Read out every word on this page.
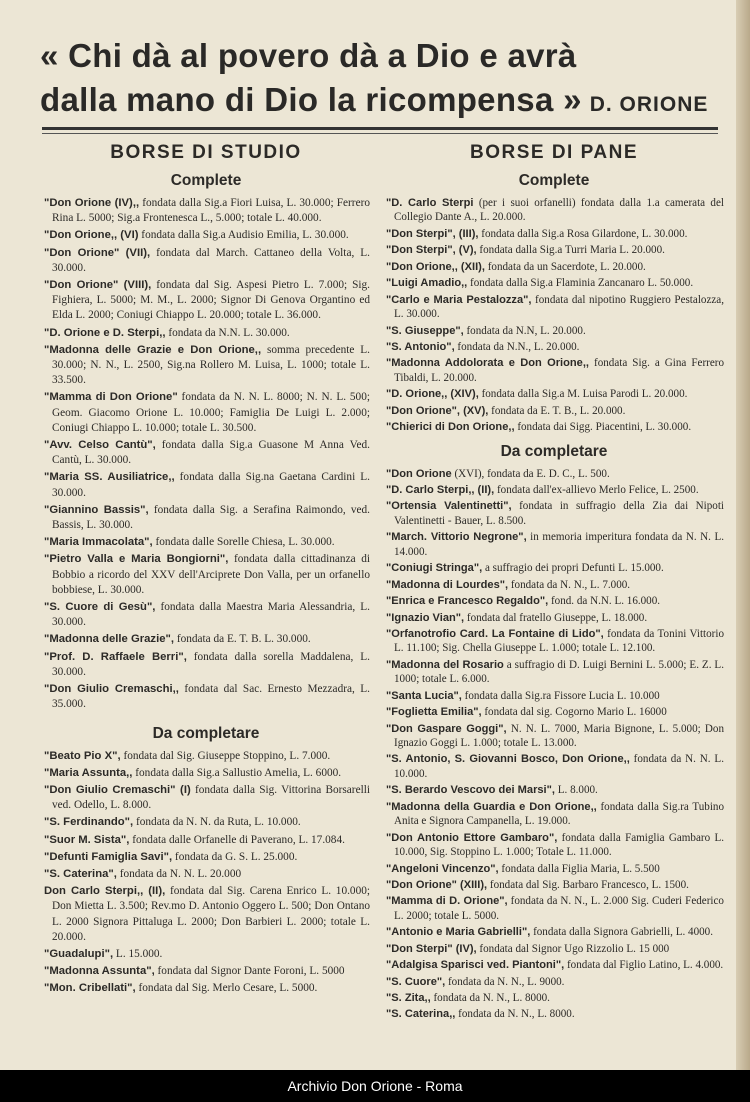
« Chi dà al povero dà a Dio e avrà
dalla mano di Dio la ricompensa » D. ORIONE
BORSE DI STUDIO
Complete
"Don Orione (IV),, fondata dalla Sig.a Fiori Luisa, L. 30.000; Ferrero Rina L. 5000; Sig.a Frontenesca L., 5.000; totale L. 40.000.
"Don Orione,, (VI) fondata dalla Sig.a Audisio Emilia, L. 30.000.
"Don Orione" (VII), fondata dal March. Cattaneo della Volta, L. 30.000.
"Don Orione" (VIII), fondata dal Sig. Aspesi Pietro L. 7.000; Sig. Fighiera, L. 5000; M. M., L. 2000; Signor Di Genova Organtino ed Elda L. 2000; Coniugi Chiappo L. 20.000; totale L. 36.000.
"D. Orione e D. Sterpi,, fondata da N.N. L. 30.000.
"Madonna delle Grazie e Don Orione,, somma precedente L. 30.000; N. N., L. 2500, Sig.na Rollero M. Luisa, L. 1000; totale L. 33.500.
"Mamma di Don Orione" fondata da N. N. L. 8000; N. N. L. 500; Geom. Giacomo Orione L. 10.000; Famiglia De Luigi L. 2.000; Coniugi Chiappo L. 10.000; totale L. 30.500.
"Avv. Celso Cantù", fondata dalla Sig.a Guasone M Anna Ved. Cantù, L. 30.000.
"Maria SS. Ausiliatrice,, fondata dalla Sig.na Gaetana Cardini L. 30.000.
"Giannino Bassis", fondata dalla Sig. a Serafina Raimondo, ved. Bassis, L. 30.000.
"Maria Immacolata", fondata dalle Sorelle Chiesa, L. 30.000.
"Pietro Valla e Maria Bongiorni", fondata dalla cittadinanza di Bobbio a ricordo del XXV dell'Arciprete Don Valla, per un orfanello bobbiese, L. 30.000.
"S. Cuore di Gesù", fondata dalla Maestra Maria Alessandria, L. 30.000.
"Madonna delle Grazie", fondata da E. T. B. L. 30.000.
"Prof. D. Raffaele Berri", fondata dalla sorella Maddalena, L. 30.000.
"Don Giulio Cremaschi,, fondata dal Sac. Ernesto Mezzadra, L. 35.000.
Da completare
"Beato Pio X", fondata dal Sig. Giuseppe Stoppino, L. 7.000.
"Maria Assunta,, fondata dalla Sig.a Sallustio Amelia, L. 6000.
"Don Giulio Cremaschi" (I) fondata dalla Sig. Vittorina Borsarelli ved. Odello, L. 8.000.
"S. Ferdinando", fondata da N. N. da Ruta, L. 10.000.
"Suor M. Sista", fondata dalle Orfanelle di Paverano, L. 17.084.
"Defunti Famiglia Savi", fondata da G. S. L. 25.000.
"S. Caterina", fondata da N. N. L. 20.000
Don Carlo Sterpi,, (II), fondata dal Sig. Carena Enrico L. 10.000; Don Mietta L. 3.500; Rev.mo D. Antonio Oggero L. 500; Don Ontano L. 2000 Signora Pittaluga L. 2000; Don Barbieri L. 2000; totale L. 20.000.
"Guadalupi", L. 15.000.
"Madonna Assunta", fondata dal Signor Dante Foroni, L. 5000
"Mon. Cribellati", fondata dal Sig. Merlo Cesare, L. 5000.
BORSE DI PANE
Complete
"D. Carlo Sterpi (per i suoi orfanelli) fondata dalla 1.a camerata del Collegio Dante A., L. 20.000.
"Don Sterpi", (III), fondata dalla Sig.a Rosa Gilardone, L. 30.000.
"Don Sterpi", (V), fondata dalla Sig.a Turri Maria L. 20.000.
"Don Orione,, (XII), fondata da un Sacerdote, L. 20.000.
"Luigi Amadio,, fondata dalla Sig.a Flaminia Zancanaro L. 50.000.
"Carlo e Maria Pestalozza", fondata dal nipotino Ruggiero Pestalozza, L. 30.000.
"S. Giuseppe", fondata da N.N, L. 20.000.
"S. Antonio", fondata da N.N., L. 20.000.
"Madonna Addolorata e Don Orione,, fondata Sig. a Gina Ferrero Tibaldi, L. 20.000.
"D. Orione,, (XIV), fondata dalla Sig.a M. Luisa Parodi L. 20.000.
"Don Orione", (XV), fondata da E. T. B., L. 20.000.
"Chierici di Don Orione,, fondata dai Sigg. Piacentini, L. 30.000.
Da completare
"Don Orione (XVI), fondata da E. D. C., L. 500.
"D. Carlo Sterpi,, (II), fondata dall'ex-allievo Merlo Felice, L. 2500.
"Ortensia Valentinetti", fondata in suffragio della Zia dai Nipoti Valentinetti - Bauer, L. 8.500.
"March. Vittorio Negrone", in memoria imperitura fondata da N. N. L. 14.000.
"Coniugi Stringa", a suffragio dei propri Defunti L. 15.000.
"Madonna di Lourdes", fondata da N. N., L. 7.000.
"Enrica e Francesco Regaldo", fond. da N.N. L. 16.000.
"Ignazio Vian", fondata dal fratello Giuseppe, L. 18.000.
"Orfanotrofio Card. La Fontaine di Lido", fondata da Tonini Vittorio L. 11.100; Sig. Chella Giuseppe L. 1.000; totale L. 12.100.
"Madonna del Rosario a suffragio di D. Luigi Bernini L. 5.000; E. Z. L. 1000; totale L. 6.000.
"Santa Lucia", fondata dalla Sig.ra Fissore Lucia L. 10.000
"Foglietta Emilia", fondata dal sig. Cogorno Mario L. 16000
"Don Gaspare Goggi", N. N. L. 7000, Maria Bignone, L. 5.000; Don Ignazio Goggi L. 1.000; totale L. 13.000.
"S. Antonio, S. Giovanni Bosco, Don Orione,, fondata da N. N. L. 10.000.
"S. Berardo Vescovo dei Marsi", L. 8.000.
"Madonna della Guardia e Don Orione,, fondata dalla Sig.ra Tubino Anita e Signora Campanella, L. 19.000.
"Don Antonio Ettore Gambaro", fondata dalla Famiglia Gambaro L. 10.000, Sig. Stoppino L. 1.000; Totale L. 11.000.
"Angeloni Vincenzo", fondata dalla Figlia Maria, L. 5.500
"Don Orione" (XIII), fondata dal Sig. Barbaro Francesco, L. 1500.
"Mamma di D. Orione", fondata da N. N., L. 2.000 Sig. Cuderi Federico L. 2000; totale L. 5000.
"Antonio e Maria Gabrielli", fondata dalla Signora Gabrielli, L. 4000.
"Don Sterpi" (IV), fondata dal Signor Ugo Rizzolio L. 15 000
"Adalgisa Sparisci ved. Piantoni", fondata dal Figlio Latino, L. 4.000.
"S. Cuore", fondata da N. N., L. 9000.
"S. Zita,, fondata da N. N., L. 8000.
"S. Caterina,, fondata da N. N., L. 8000.
Archivio Don Orione - Roma
